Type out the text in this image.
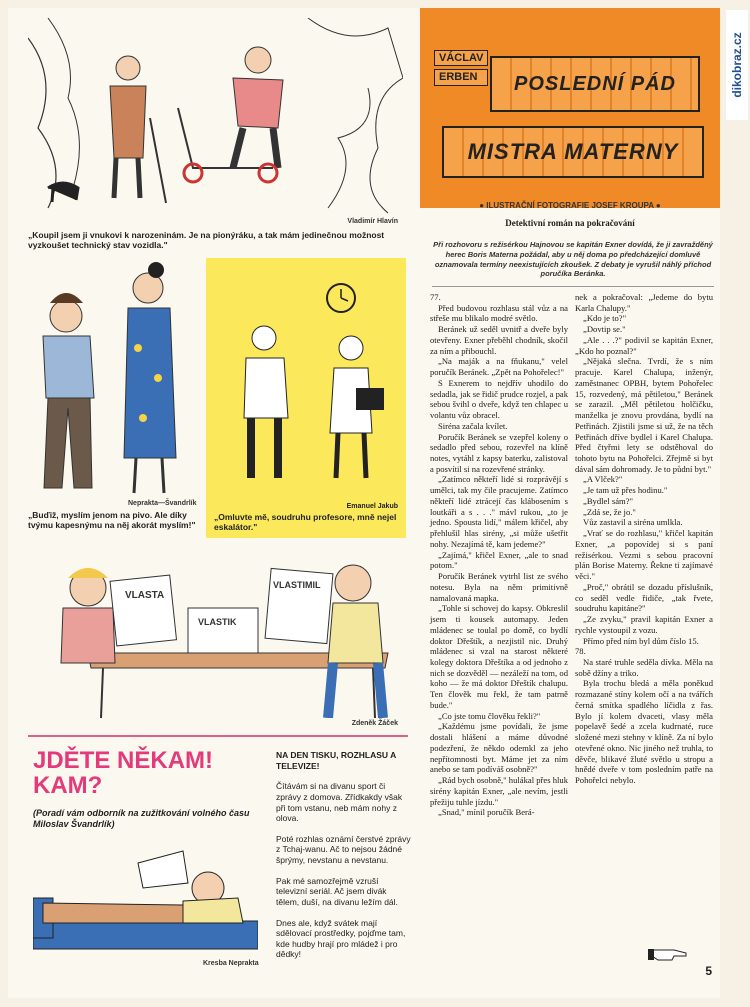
dikobraz.cz
Vladimír Hlavín
„Koupil jsem ji vnukovi k narozeninám. Je na pionýráku, a tak mám jedinečnou možnost vyzkoušet technický stav vozidla."
Neprakta—Švandrlík
„Buďiž, myslím jenom na pivo. Ale díky tvýmu kapesnýmu na něj akorát myslím!"
Emanuel Jakub
„Omluvte mě, soudruhu profesore, mně nejel eskalátor."
VLASTA
VLASTIK
VLASTIMIL
Zdeněk Žáček
JDĚTE NĚKAM! KAM?
(Poradí vám odborník na zužitkování volného času Miloslav Švandrlík)
Kresba Neprakta
NA DEN TISKU, ROZHLASU A TELEVIZE!

Čítávám si na divanu sport či zprávy z domova. Zřídkakdy však při tom vstanu, neb mám nohy z olova.

Poté rozhlas oznámí čerstvé zprávy z Tchaj-wanu. Ač to nejsou žádné šprýmy, nevstanu a nevstanu.

Pak mé samozřejmě vzruší televizní seriál. Ač jsem divák tělem, duší, na divanu ležím dál.

Dnes ale, když svátek mají sdělovací prostředky, pojďme tam, kde hudby hrají pro mládež i pro dědky!

VÁCLAV
ERBEN	POSLEDNÍ PÁD
MISTRA MATERNY
● ILUSTRAČNÍ FOTOGRAFIE JOSEF KROUPA ●
Detektivní román na pokračování
Při rozhovoru s režisérkou Hajnovou se kapitán Exner dovídá, že ji zavražděný herec Boris Materna požádal, aby u něj doma po předcházející domluvě oznamovala termíny neexistujících zkoušek. Z debaty je vyrušil náhlý příchod poručíka Beránka.

77.

Před budovou rozhlasu stál vůz a na střeše mu blikalo modré světlo.

Beránek už seděl uvnitř a dveře byly otevřeny. Exner přeběhl chodník, skočil za ním a přibouchl.

„Na maják a na fňukanu," velel poručík Beránek. „Zpět na Pohořelec!"

S Exnerem to nejdřív uhodilo do sedadla, jak se řidič prudce rozjel, a pak sebou švihl o dveře, když ten chlapec u volantu vůz obracel.

Siréna začala kvílet.

Poručík Beránek se vzepřel koleny o sedadlo před sebou, rozevřel na klíně notes, vytáhl z kapsy baterku, zalistoval a posvítil si na rozevřené stránky.

„Zatímco někteří lidé si rozprávějí s umělci, tak my čile pracujeme. Zatímco někteří lidé ztrácejí čas klábosením s loutkáři a s . . ." mávl rukou, „to je jedno. Spousta lidí," málem křičel, aby přehlušil hlas sirény, „si může ušetřit nohy. Nezajímá tě, kam jedeme?"

„Zajímá," křičel Exner, „ale to snad potom."

Poručík Beránek vytrhl list ze svého notesu. Byla na něm primitivně namalovaná mapka.

„Tohle si schovej do kapsy. Obkreslil jsem ti kousek automapy. Jeden mládenec se toulal po domě, co bydlí doktor Dřeštík, a nezjistil nic. Druhý mládenec si vzal na starost některé kolegy doktora Dřeštíka a od jednoho z nich se dozvěděl — nezáleží na tom, od koho — že má doktor Dřeštík chalupu. Ten člověk mu řekl, že tam patrně bude."

„Co jste tomu člověku řekli?"

„Každému jsme povídali, že jsme dostali hlášení a máme důvodné podezření, že někdo odemkl za jeho nepřítomnosti byt. Máme jet za ním anebo se tam podíváš osobně?"

„Rád bych osobně," hulákal přes hluk sirény kapitán Exner, „ale nevím, jestli přežiju tuhle jízdu."

„Snad," mínil poručík Berá-

nek a pokračoval: „Jedeme do bytu Karla Chalupy."

„Kdo je to?"

„Dovtip se."

„Ale . . .?" podivil se kapitán Exner, „Kdo ho poznal?"

„Nějaká slečna. Tvrdí, že s ním pracuje. Karel Chalupa, inženýr, zaměstnanec OPBH, bytem Pohořelec 15, rozvedený, má pětiletou," Beránek se zarazil. „Měl pětiletou holčičku, manželka je znovu provdána, bydlí na Petřinách. Zjistili jsme si už, že na těch Petřinách dříve bydlel i Karel Chalupa. Před čtyřmi lety se odstěhoval do tohoto bytu na Pohořelci. Zřejmě si byt dával sám dohromady. Je to půdní byt."

„A Vlček?"

„Je tam už přes hodinu."

„Bydlel sám?"

„Zdá se, že jo."

Vůz zastavil a siréna umlkla.

„Vrať se do rozhlasu," křičel kapitán Exner, „a popovídej si s paní režisérkou. Vezmi s sebou pracovní plán Borise Materny. Řekne ti zajímavé věci."

„Proč," obrátil se dozadu příslušník, co seděl vedle řidiče, „tak řvete, soudruhu kapitáne?"

„Ze zvyku," pravil kapitán Exner a rychle vystoupil z vozu.

Přímo před ním byl dům číslo 15.

78.

Na staré truhle seděla dívka. Měla na sobě džíny a triko.

Byla trochu bledá a měla poněkud rozmazané stíny kolem očí a na tvářích černá smítka spadlého líčidla z řas. Bylo jí kolem dvaceti, vlasy měla popelavě šedé a zcela kudrnaté, ruce složené mezi stehny v klíně. Za ní bylo otevřené okno. Nic jiného než truhla, to děvče, blikavé žluté světlo u stropu a hnědé dveře v tom posledním patře na Pohořelci nebylo.

5
